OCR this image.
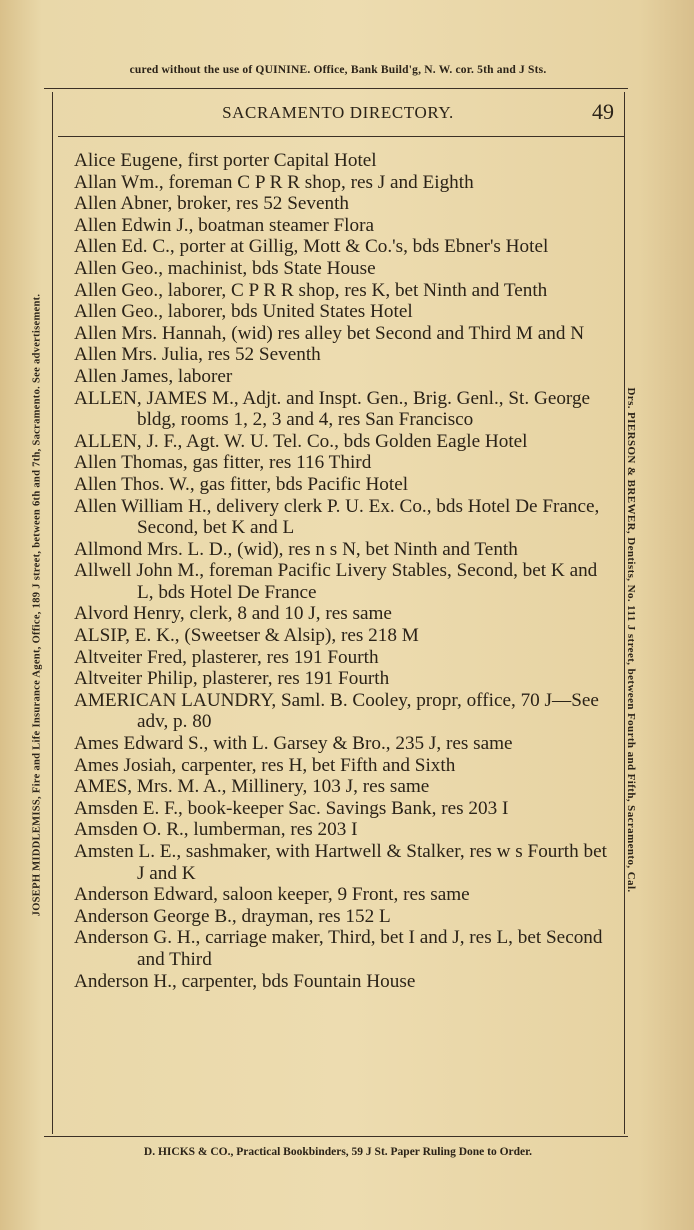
cured without the use of QUININE. Office, Bank Build'g, N. W. cor. 5th and J Sts.
JOSEPH MIDDLEMISS, Fire and Life Insurance Agent, Office, 189 J street, between 6th and 7th, Sacramento. See advertisement.	Drs. PIERSON & BREWER, Dentists, No. 111 J street, between Fourth and Fifth, Sacramento, Cal.
SACRAMENTO DIRECTORY.	49
Alice Eugene, first porter Capital Hotel
Allan Wm., foreman C P R R shop, res J and Eighth
Allen Abner, broker, res 52 Seventh
Allen Edwin J., boatman steamer Flora
Allen Ed. C., porter at Gillig, Mott & Co.'s, bds Ebner's Hotel
Allen Geo., machinist, bds State House
Allen Geo., laborer, C P R R shop, res K, bet Ninth and Tenth
Allen Geo., laborer, bds United States Hotel
Allen Mrs. Hannah, (wid) res alley bet Second and Third M and N
Allen Mrs. Julia, res 52 Seventh
Allen James, laborer
ALLEN, JAMES M., Adjt. and Inspt. Gen., Brig. Genl., St. George bldg, rooms 1, 2, 3 and 4, res San Francisco
ALLEN, J. F., Agt. W. U. Tel. Co., bds Golden Eagle Hotel
Allen Thomas, gas fitter, res 116 Third
Allen Thos. W., gas fitter, bds Pacific Hotel
Allen William H., delivery clerk P. U. Ex. Co., bds Hotel De France, Second, bet K and L
Allmond Mrs. L. D., (wid), res n s N, bet Ninth and Tenth
Allwell John M., foreman Pacific Livery Stables, Second, bet K and L, bds Hotel De France
Alvord Henry, clerk, 8 and 10 J, res same
ALSIP, E. K., (Sweetser & Alsip), res 218 M
Altveiter Fred, plasterer, res 191 Fourth
Altveiter Philip, plasterer, res 191 Fourth
AMERICAN LAUNDRY, Saml. B. Cooley, propr, office, 70 J—See adv, p. 80
Ames Edward S., with L. Garsey & Bro., 235 J, res same
Ames Josiah, carpenter, res H, bet Fifth and Sixth
AMES, Mrs. M. A., Millinery, 103 J, res same
Amsden E. F., book-keeper Sac. Savings Bank, res 203 I
Amsden O. R., lumberman, res 203 I
Amsten L. E., sashmaker, with Hartwell & Stalker, res w s Fourth bet J and K
Anderson Edward, saloon keeper, 9 Front, res same
Anderson George B., drayman, res 152 L
Anderson G. H., carriage maker, Third, bet I and J, res L, bet Second and Third
Anderson H., carpenter, bds Fountain House
D. HICKS & CO., Practical Bookbinders, 59 J St. Paper Ruling Done to Order.
